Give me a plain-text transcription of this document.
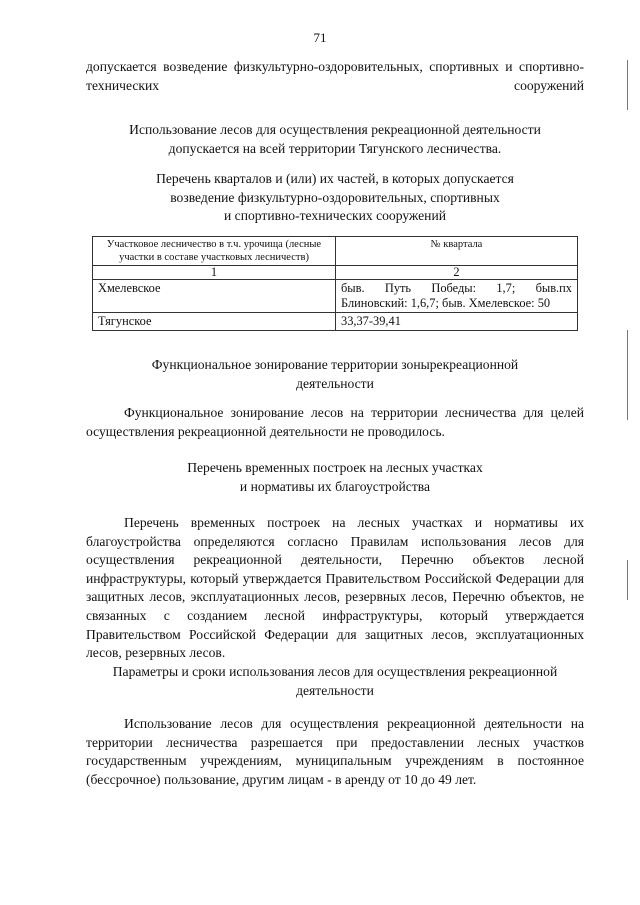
71

допускается возведение физкультурно-оздоровительных, спортивных и спортивно-технических сооружений

Использование лесов для осуществления рекреационной деятельности
допускается на всей территории Тягунского лесничества.
Перечень кварталов и (или) их частей, в которых допускается
возведение физкультурно-оздоровительных, спортивных
и спортивно-технических сооружений
Участковое лесничество в т.ч. урочища (лесные участки в составе участковых лесничеств)	№ квартала
1	2
Хмелевское	быв. Путь Победы: 1,7; быв.пх Блиновский: 1,6,7; быв. Хмелевское: 50
Тягунское	33,37-39,41
Функциональное зонирование территории зонырекреационной деятельности

Функциональное зонирование лесов на территории лесничества для целей осуществления рекреационной деятельности не проводилось.

Перечень временных построек на лесных участках
и нормативы их благоустройства

Перечень временных построек на лесных участках и нормативы их благоустройства определяются согласно Правилам использования лесов для осуществления рекреационной деятельности, Перечню объектов лесной инфраструктуры, который утверждается Правительством Российской Федерации для защитных лесов, эксплуатационных лесов, резервных лесов, Перечню объектов, не связанных с созданием лесной инфраструктуры, который утверждается Правительством Российской Федерации для защитных лесов, эксплуатационных лесов, резервных лесов.

Параметры и сроки использования лесов для осуществления рекреационной деятельности

Использование лесов для осуществления рекреационной деятельности на территории лесничества разрешается при предоставлении лесных участков государственным учреждениям, муниципальным учреждениям в постоянное (бессрочное) пользование, другим лицам - в аренду от 10 до 49 лет.
